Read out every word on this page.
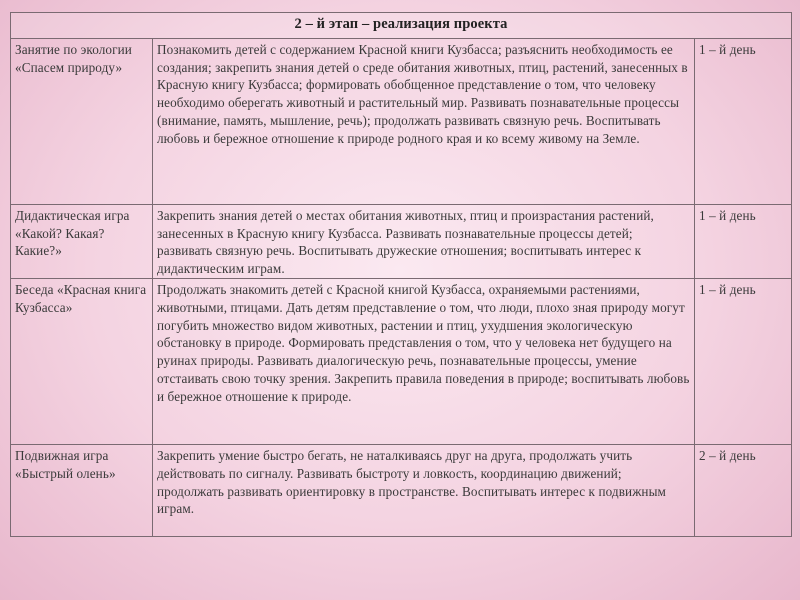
2 – й этап – реализация проекта		
Занятие по экологии «Спасем природу»	Познакомить детей с содержанием Красной книги Кузбасса; разъяснить необходимость ее создания; закрепить знания детей о среде обитания животных, птиц, растений, занесенных в Красную книгу Кузбасса; формировать обобщенное представление о том, что человеку необходимо оберегать животный и растительный мир. Развивать познавательные процессы (внимание, память, мышление, речь); продолжать развивать связную речь. Воспитывать любовь и бережное отношение к природе родного края и ко всему живому на Земле.	1 – й день
Дидактическая игра «Какой? Какая? Какие?»	Закрепить знания детей о местах обитания животных, птиц и произрастания растений, занесенных в Красную книгу Кузбасса. Развивать познавательные процессы детей; развивать связную речь. Воспитывать дружеские отношения; воспитывать интерес к дидактическим играм.	1 – й день
Беседа «Красная книга Кузбасса»	Продолжать знакомить детей с Красной книгой Кузбасса, охраняемыми растениями, животными, птицами. Дать детям представление о том, что люди, плохо зная природу могут погубить множество видом животных, растении и птиц, ухудшения экологическую обстановку в природе. Формировать представления о том, что у человека нет будущего на руинах природы. Развивать диалогическую речь, познавательные процессы, умение отстаивать свою точку зрения. Закрепить правила поведения в природе; воспитывать любовь и бережное отношение к природе.	1 – й день
Подвижная игра «Быстрый олень»	Закрепить умение быстро бегать, не наталкиваясь друг на друга, продолжать учить действовать по сигналу. Развивать быстроту и ловкость, координацию движений; продолжать развивать ориентировку в пространстве. Воспитывать интерес к подвижным играм.	2 – й день
